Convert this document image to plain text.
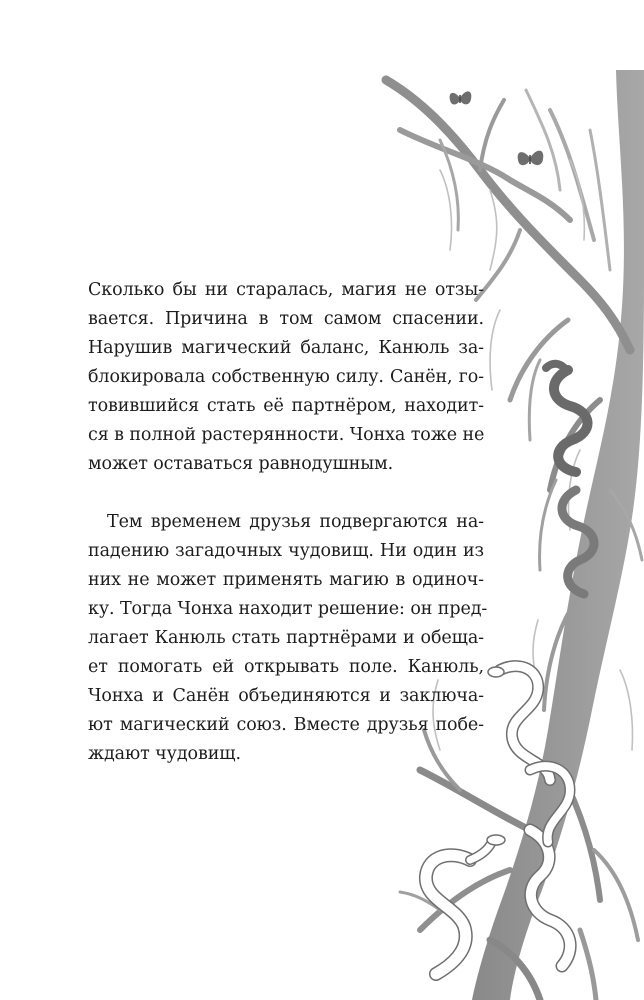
Сколько бы ни старалась, магия не отзы-

вается. Причина в том самом спасении.

Нарушив магический баланс, Канюль за-

блокировала собственную силу. Санён, го-

товившийся стать её партнёром, находит-

ся в полной растерянности. Чонха тоже не

может оставаться равнодушным.

Тем временем друзья подвергаются на-

падению загадочных чудовищ. Ни один из

них не может применять магию в одиноч-

ку. Тогда Чонха находит решение: он пред-

лагает Канюль стать партнёрами и обеща-

ет помогать ей открывать поле. Канюль,

Чонха и Санён объединяются и заключа-

ют магический союз. Вместе друзья побе-

ждают чудовищ.
